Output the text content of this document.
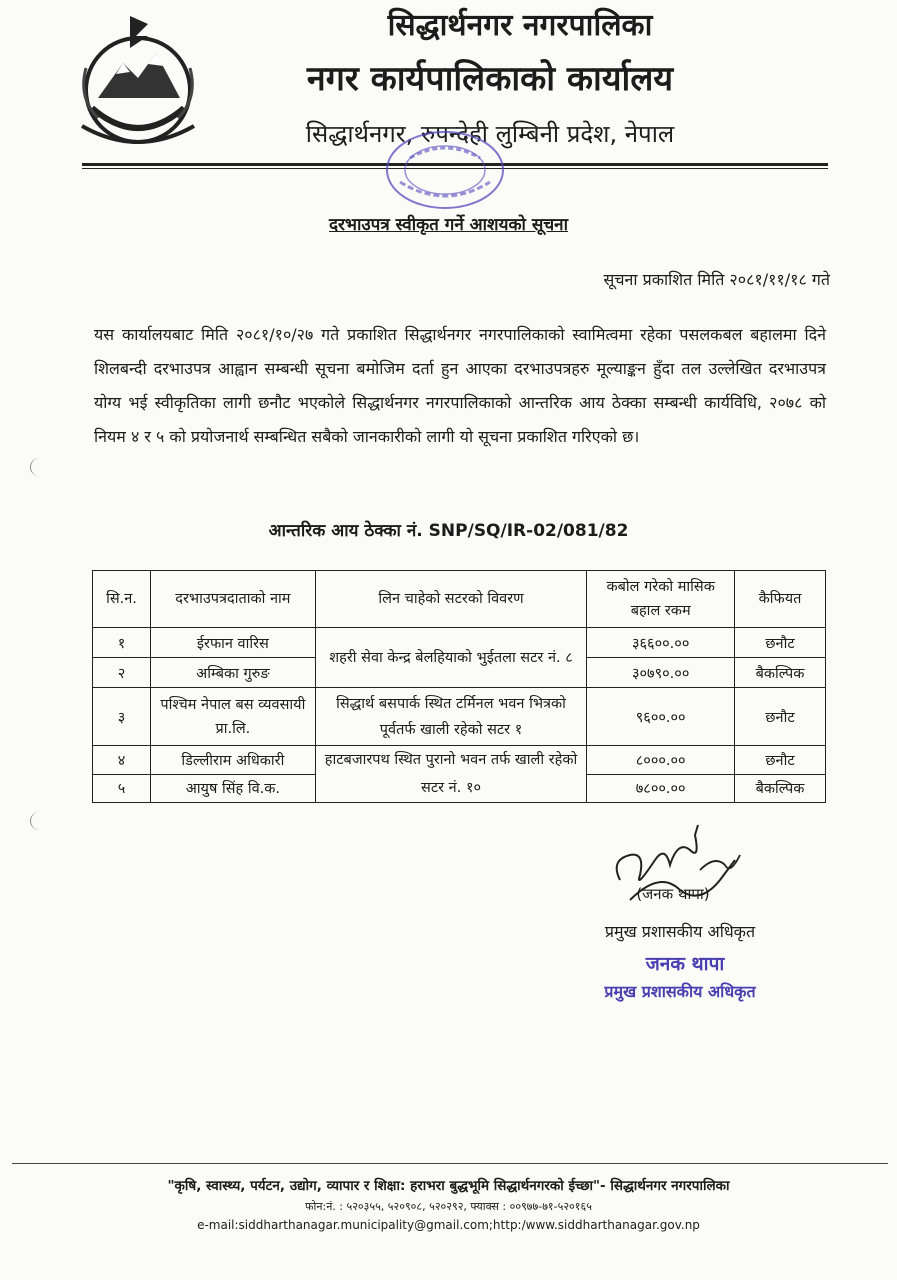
सिद्धार्थनगर नगरपालिका
नगर कार्यपालिकाको कार्यालय
सिद्धार्थनगर, रुपन्देही लुम्बिनी प्रदेश, नेपाल
दरभाउपत्र स्वीकृत गर्ने आशयको सूचना
सूचना प्रकाशित मिति २०८१/११/१८ गते
यस कार्यालयबाट मिति २०८१/१०/२७ गते प्रकाशित सिद्धार्थनगर नगरपालिकाको स्वामित्वमा रहेका पसलकबल बहालमा दिने शिलबन्दी दरभाउपत्र आह्वान सम्बन्धी सूचना बमोजिम दर्ता हुन आएका दरभाउपत्रहरु मूल्याङ्कन हुँदा तल उल्लेखित दरभाउपत्र योग्य भई स्वीकृतिका लागी छनौट भएकोले सिद्धार्थनगर नगरपालिकाको आन्तरिक आय ठेक्का सम्बन्धी कार्यविधि, २०७८ को नियम ४ र ५ को प्रयोजनार्थ सम्बन्धित सबैको जानकारीको लागी यो सूचना प्रकाशित गरिएको छ।
आन्तरिक आय ठेक्का नं. SNP/SQ/IR-02/081/82
सि.न.	दरभाउपत्रदाताको नाम	लिन चाहेको सटरको विवरण	कबोल गरेको मासिक बहाल रकम	कैफियत
१	ईरफान वारिस	शहरी सेवा केन्द्र बेलहियाको भुईतला सटर नं. ८	३६६००.००	छनौट
२	अम्बिका गुरुङ		३०७९०.००	बैकल्पिक
३	पश्चिम नेपाल बस व्यवसायी प्रा.लि.	सिद्धार्थ बसपार्क स्थित टर्मिनल भवन भित्रको पूर्वतर्फ खाली रहेको सटर १	९६००.००	छनौट
४	डिल्लीराम अधिकारी	हाटबजारपथ स्थित पुरानो भवन तर्फ खाली रहेको सटर नं. १०	८०००.००	छनौट
५	आयुष सिंह वि.क.		७८००.००	बैकल्पिक
(जनक थापा)
प्रमुख प्रशासकीय अधिकृत
जनक थापा
प्रमुख प्रशासकीय अधिकृत
"कृषि, स्वास्थ्य, पर्यटन, उद्योग, व्यापार र शिक्षा: हराभरा बुद्धभूमि सिद्धार्थनगरको ईच्छा"- सिद्धार्थनगर नगरपालिका
फोन:नं. : ५२०३५५, ५२०९०८, ५२०२९२, फ्याक्स : ००९७७-७१-५२०१६५
e-mail:siddharthanagar.municipality@gmail.com;http:/www.siddharthanagar.gov.np
